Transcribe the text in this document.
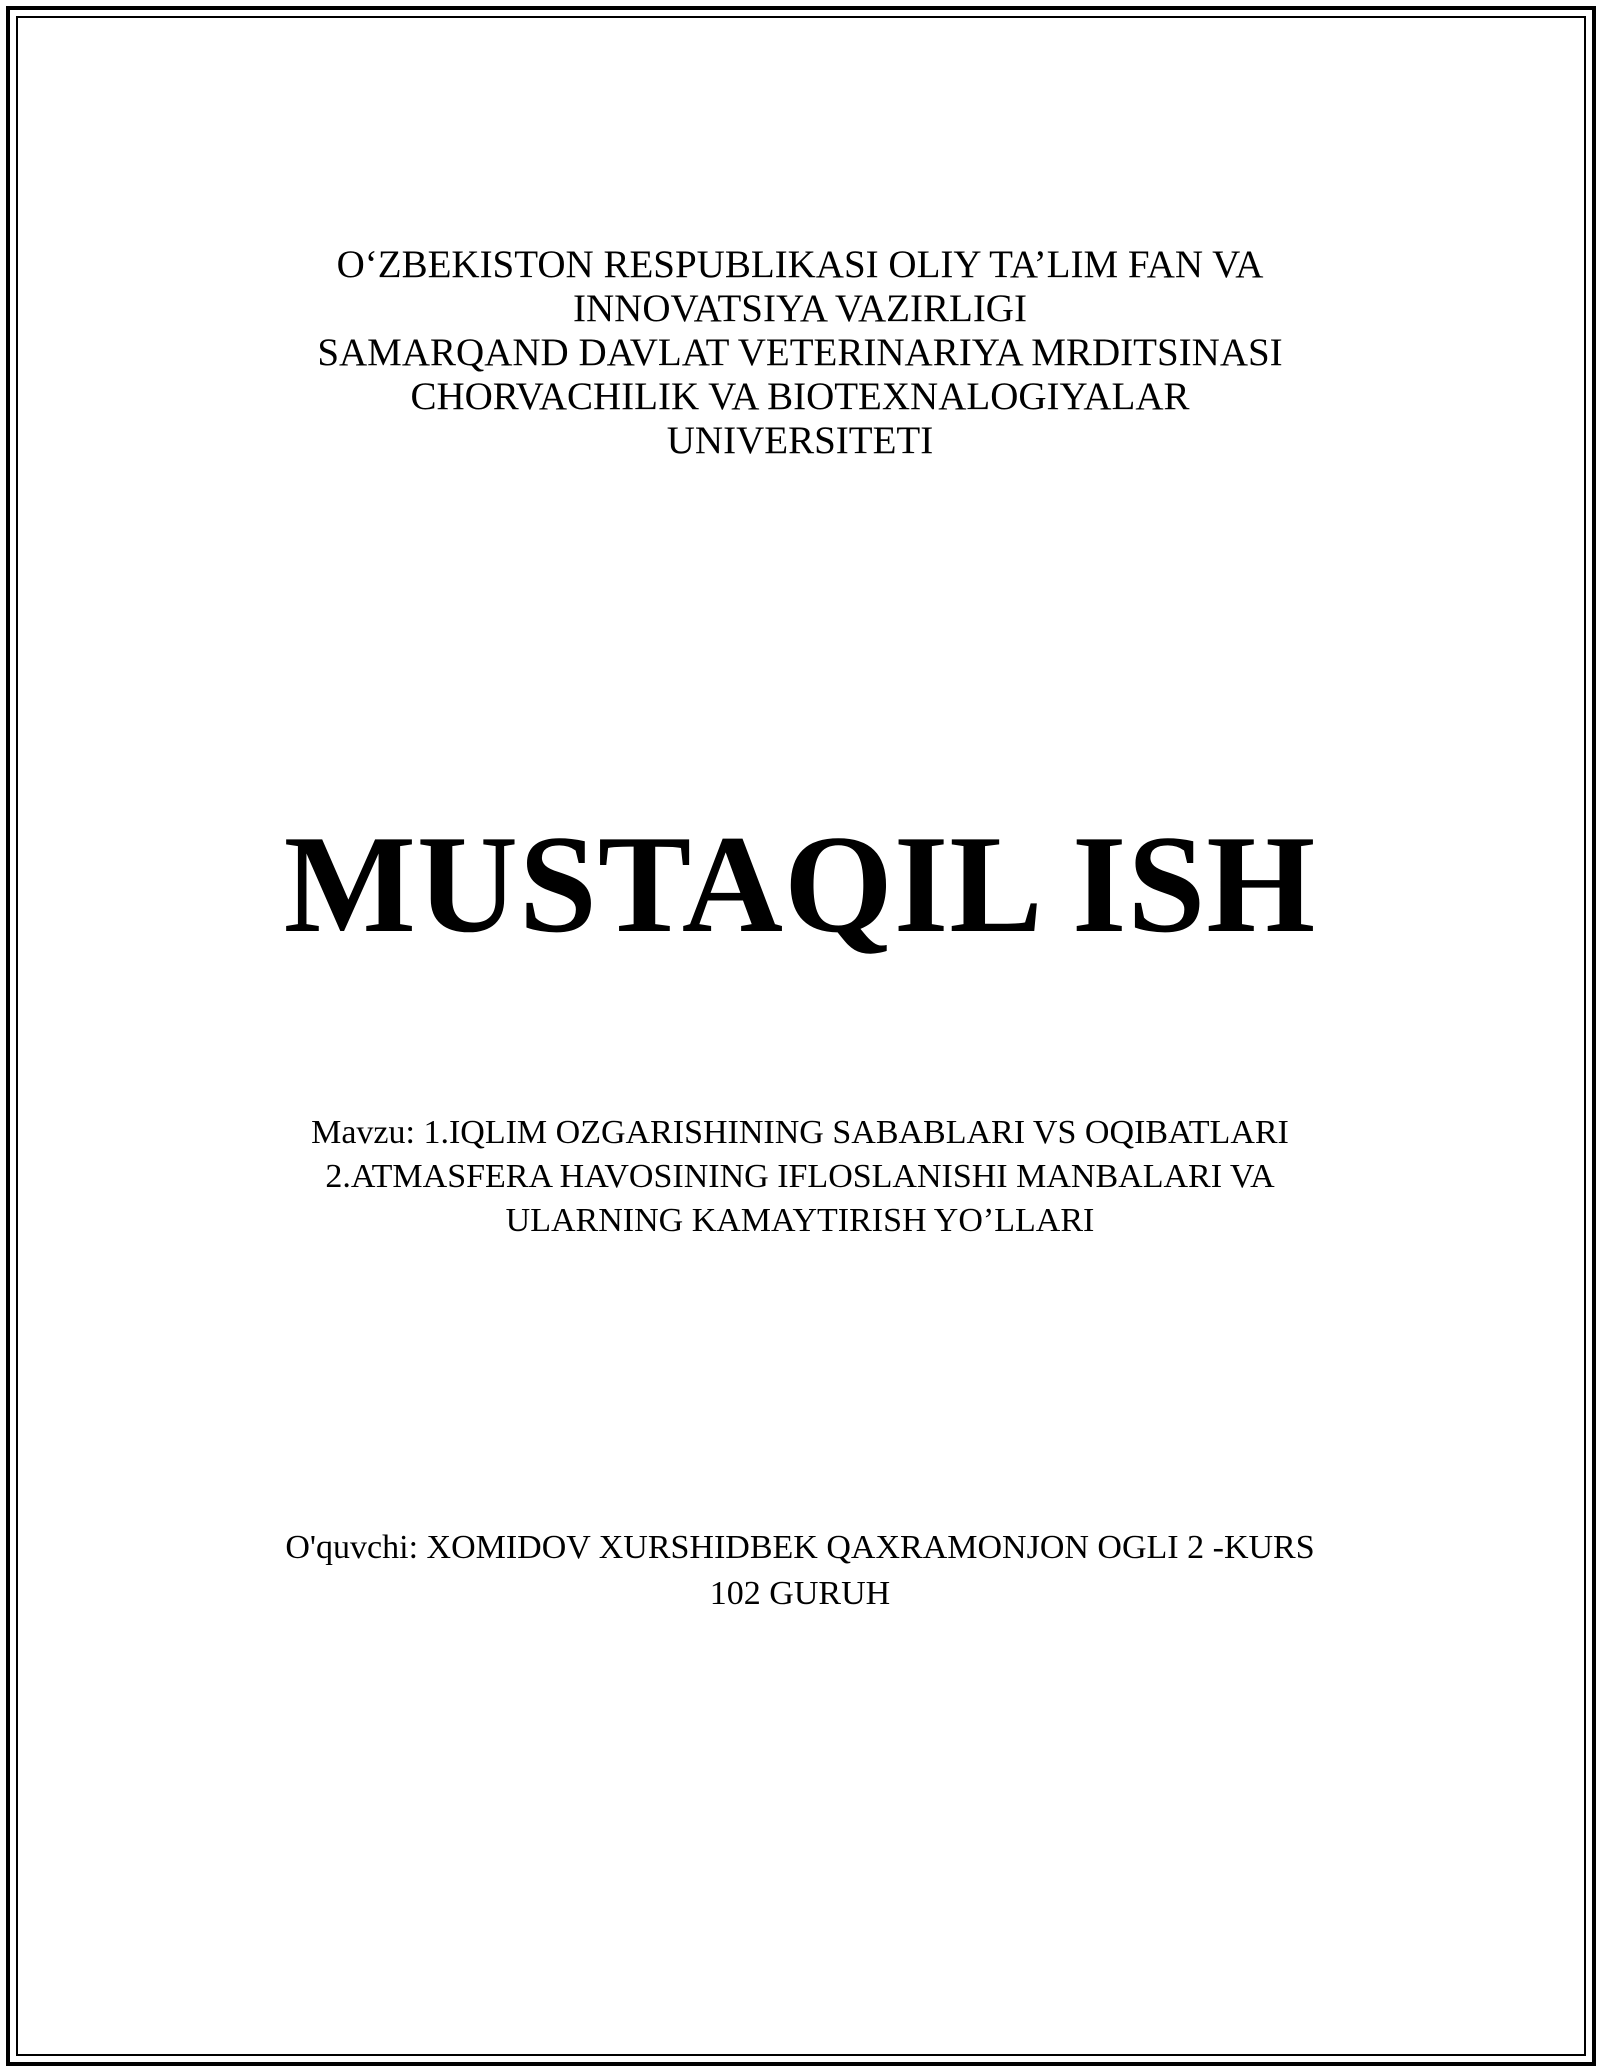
O‘ZBEKISTON RESPUBLIKASI OLIY TA’LIM FAN VA
INNOVATSIYA VAZIRLIGI
SAMARQAND DAVLAT VETERINARIYA MRDITSINASI
CHORVACHILIK VA BIOTEXNALOGIYALAR
UNIVERSITETI
MUSTAQIL ISH
Mavzu: 1.IQLIM OZGARISHINING SABABLARI VS OQIBATLARI
2.ATMASFERA HAVOSINING IFLOSLANISHI MANBALARI VA
ULARNING KAMAYTIRISH YO’LLARI
O'quvchi: XOMIDOV XURSHIDBEK QAXRAMONJON OGLI 2 -KURS
102 GURUH
